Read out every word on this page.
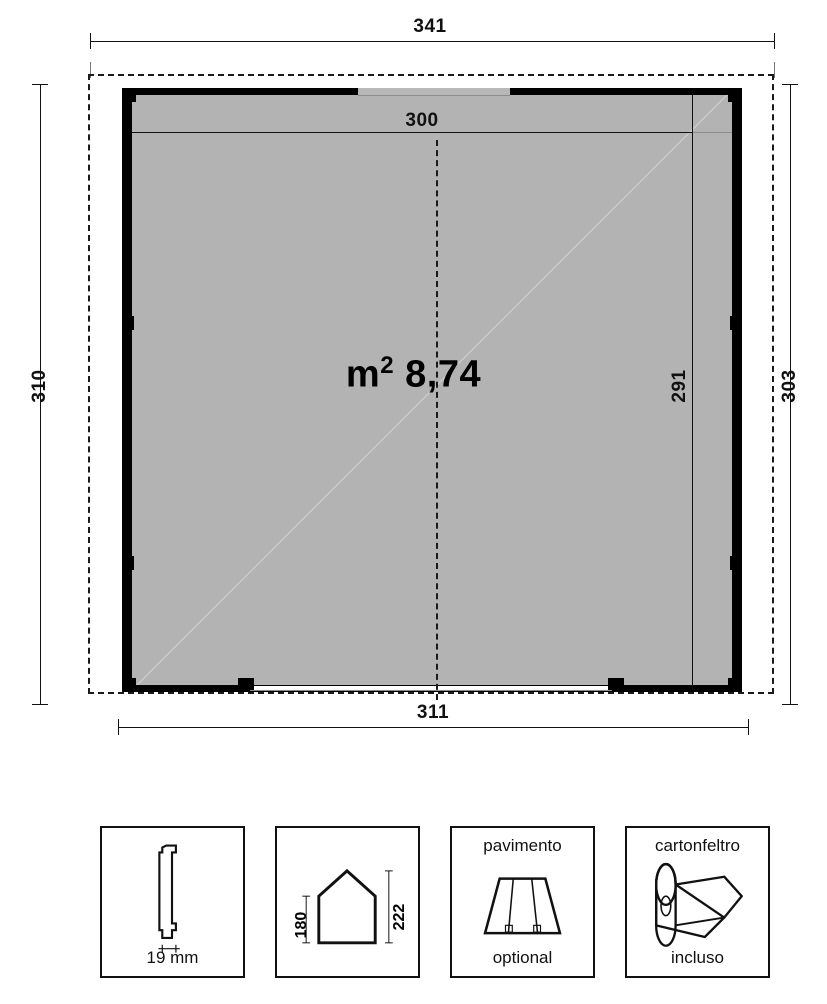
341
300
$m^2$ 8,74
310	303
291
311
19 mm
180	222
pavimento
optional
cartonfeltro
incluso
